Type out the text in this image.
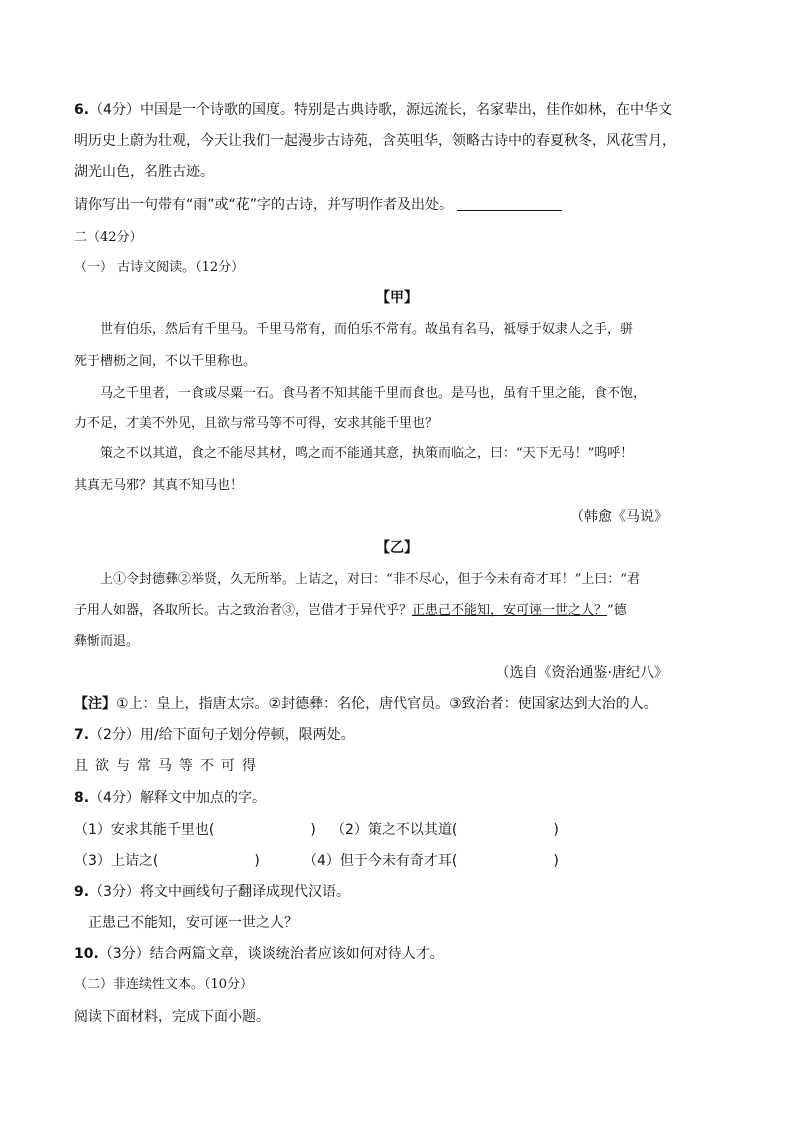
6.（4分）中国是一个诗歌的国度。特别是古典诗歌，源远流长，名家辈出，佳作如林，在中华文
明历史上蔚为壮观，今天让我们一起漫步古诗苑，含英咀华，领略古诗中的春夏秋冬，风花雪月，
湖光山色，名胜古迹。
请你写出一句带有“雨”或“花”字的古诗，并写明作者及出处。
二（42分）
（一） 古诗文阅读。（12分）
【甲】
世有伯乐，然后有千里马。千里马常有，而伯乐不常有。故虽有名马，祗辱于奴隶人之手，骈
死于槽枥之间，不以千里称也。
马之千里者，一食或尽粟一石。食马者不知其能千里而食也。是马也，虽有千里之能，食不饱，
力不足，才美不外见，且欲与常马等不可得，安求其能千里也？
策之不以其道，食之不能尽其材，鸣之而不能通其意，执策而临之，曰：“天下无马！”呜呼！
其真无马邪？其真不知马也！
（韩愈《马说》
【乙】
上①令封德彝②举贤，久无所举。上诘之，对曰：“非不尽心，但于今未有奇才耳！”上曰：“君
子用人如器，各取所长。古之致治者③，岂借才于异代乎？正患己不能知，安可诬一世之人？”德
彝惭而退。
（选自《资治通鉴·唐纪八》
【注】①上：皇上，指唐太宗。②封德彝：名伦，唐代官员。③致治者：使国家达到大治的人。
7.（2分）用/给下面句子划分停顿，限两处。
且欲与常马等不可得
8.（4分）解释文中加点的字。
（1）安求其能千里也(	) （2）策之不以其道(	)
（3）上诘之(	)	（4）但于今未有奇才耳(	)
9.（3分）将文中画线句子翻译成现代汉语。
正患己不能知，安可诬一世之人？
10.（3分）结合两篇文章，谈谈统治者应该如何对待人才。
（二）非连续性文本。（10分）
阅读下面材料，完成下面小题。
